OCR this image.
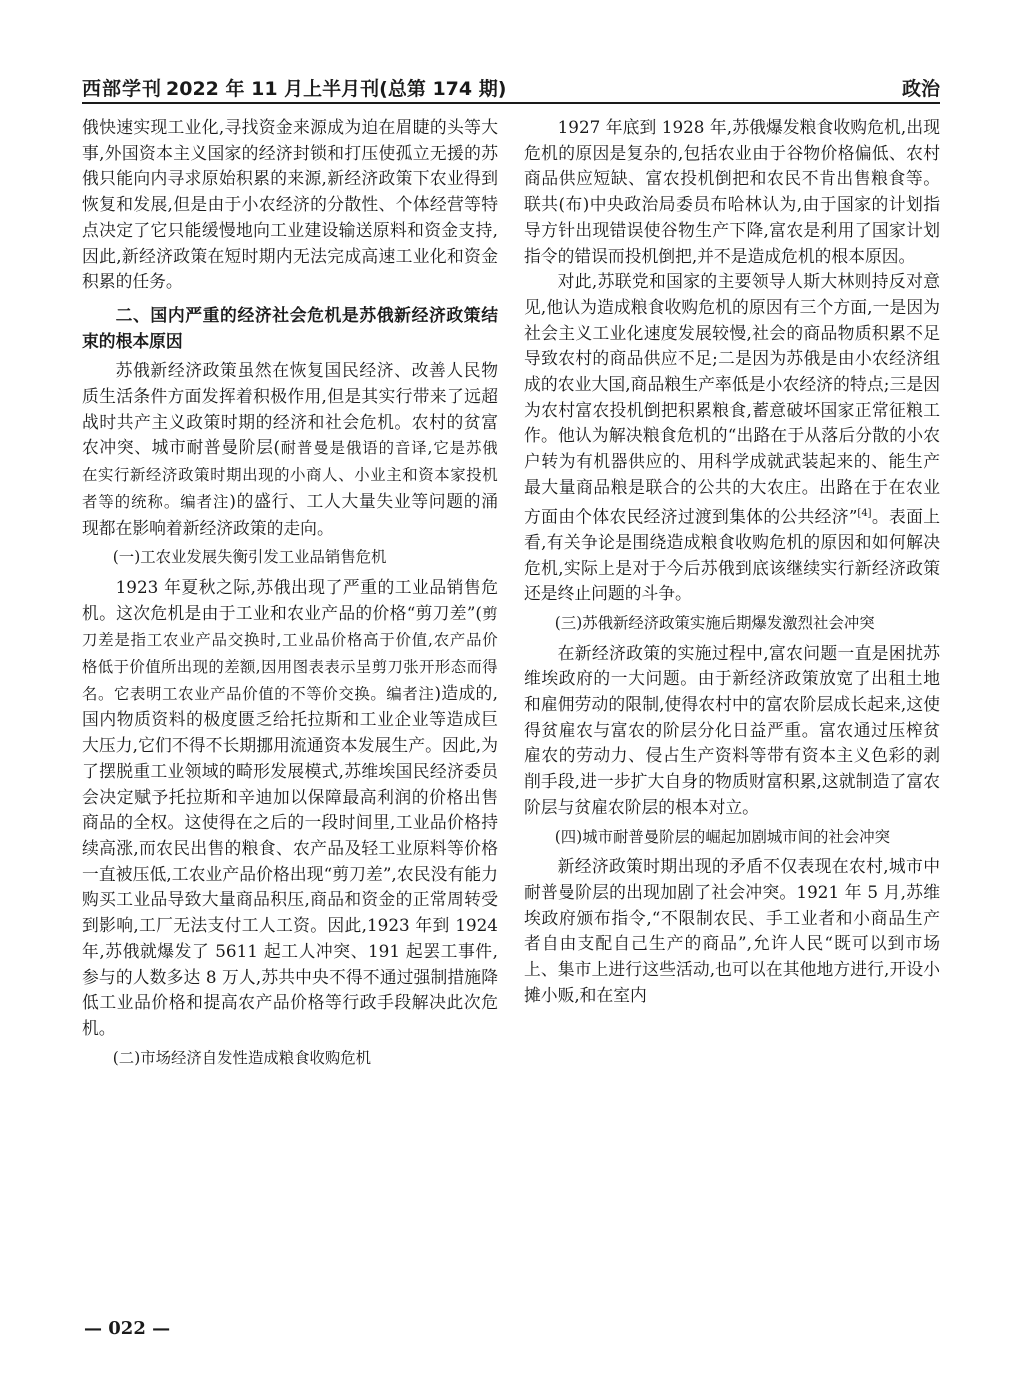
西部学刊 2022 年 11 月上半月刊(总第 174 期)	政治

俄快速实现工业化,寻找资金来源成为迫在眉睫的头等大事,外国资本主义国家的经济封锁和打压使孤立无援的苏俄只能向内寻求原始积累的来源,新经济政策下农业得到恢复和发展,但是由于小农经济的分散性、个体经营等特点决定了它只能缓慢地向工业建设输送原料和资金支持,因此,新经济政策在短时期内无法完成高速工业化和资金积累的任务。

二、国内严重的经济社会危机是苏俄新经济政策结束的根本原因

苏俄新经济政策虽然在恢复国民经济、改善人民物质生活条件方面发挥着积极作用,但是其实行带来了远超战时共产主义政策时期的经济和社会危机。农村的贫富农冲突、城市耐普曼阶层(耐普曼是俄语的音译,它是苏俄在实行新经济政策时期出现的小商人、小业主和资本家投机者等的统称。编者注)的盛行、工人大量失业等问题的涌现都在影响着新经济政策的走向。

(一)工农业发展失衡引发工业品销售危机

1923 年夏秋之际,苏俄出现了严重的工业品销售危机。这次危机是由于工业和农业产品的价格“剪刀差”(剪刀差是指工农业产品交换时,工业品价格高于价值,农产品价格低于价值所出现的差额,因用图表表示呈剪刀张开形态而得名。它表明工农业产品价值的不等价交换。编者注)造成的,国内物质资料的极度匮乏给托拉斯和工业企业等造成巨大压力,它们不得不长期挪用流通资本发展生产。因此,为了摆脱重工业领域的畸形发展模式,苏维埃国民经济委员会决定赋予托拉斯和辛迪加以保障最高利润的价格出售商品的全权。这使得在之后的一段时间里,工业品价格持续高涨,而农民出售的粮食、农产品及轻工业原料等价格一直被压低,工农业产品价格出现“剪刀差”,农民没有能力购买工业品导致大量商品积压,商品和资金的正常周转受到影响,工厂无法支付工人工资。因此,1923 年到 1924 年,苏俄就爆发了 5611 起工人冲突、191 起罢工事件,参与的人数多达 8 万人,苏共中央不得不通过强制措施降低工业品价格和提高农产品价格等行政手段解决此次危机。

(二)市场经济自发性造成粮食收购危机

1927 年底到 1928 年,苏俄爆发粮食收购危机,出现危机的原因是复杂的,包括农业由于谷物价格偏低、农村商品供应短缺、富农投机倒把和农民不肯出售粮食等。联共(布)中央政治局委员布哈林认为,由于国家的计划指导方针出现错误使谷物生产下降,富农是利用了国家计划指令的错误而投机倒把,并不是造成危机的根本原因。

对此,苏联党和国家的主要领导人斯大林则持反对意见,他认为造成粮食收购危机的原因有三个方面,一是因为社会主义工业化速度发展较慢,社会的商品物质积累不足导致农村的商品供应不足;二是因为苏俄是由小农经济组成的农业大国,商品粮生产率低是小农经济的特点;三是因为农村富农投机倒把积累粮食,蓄意破坏国家正常征粮工作。他认为解决粮食危机的“出路在于从落后分散的小农户转为有机器供应的、用科学成就武装起来的、能生产最大量商品粮是联合的公共的大农庄。出路在于在农业方面由个体农民经济过渡到集体的公共经济”[4]。表面上看,有关争论是围绕造成粮食收购危机的原因和如何解决危机,实际上是对于今后苏俄到底该继续实行新经济政策还是终止问题的斗争。

(三)苏俄新经济政策实施后期爆发激烈社会冲突

在新经济政策的实施过程中,富农问题一直是困扰苏维埃政府的一大问题。由于新经济政策放宽了出租土地和雇佣劳动的限制,使得农村中的富农阶层成长起来,这使得贫雇农与富农的阶层分化日益严重。富农通过压榨贫雇农的劳动力、侵占生产资料等带有资本主义色彩的剥削手段,进一步扩大自身的物质财富积累,这就制造了富农阶层与贫雇农阶层的根本对立。

(四)城市耐普曼阶层的崛起加剧城市间的社会冲突

新经济政策时期出现的矛盾不仅表现在农村,城市中耐普曼阶层的出现加剧了社会冲突。1921 年 5 月,苏维埃政府颁布指令,“不限制农民、手工业者和小商品生产者自由支配自己生产的商品”,允许人民“既可以到市场上、集市上进行这些活动,也可以在其他地方进行,开设小摊小贩,和在室内

— 022 —
